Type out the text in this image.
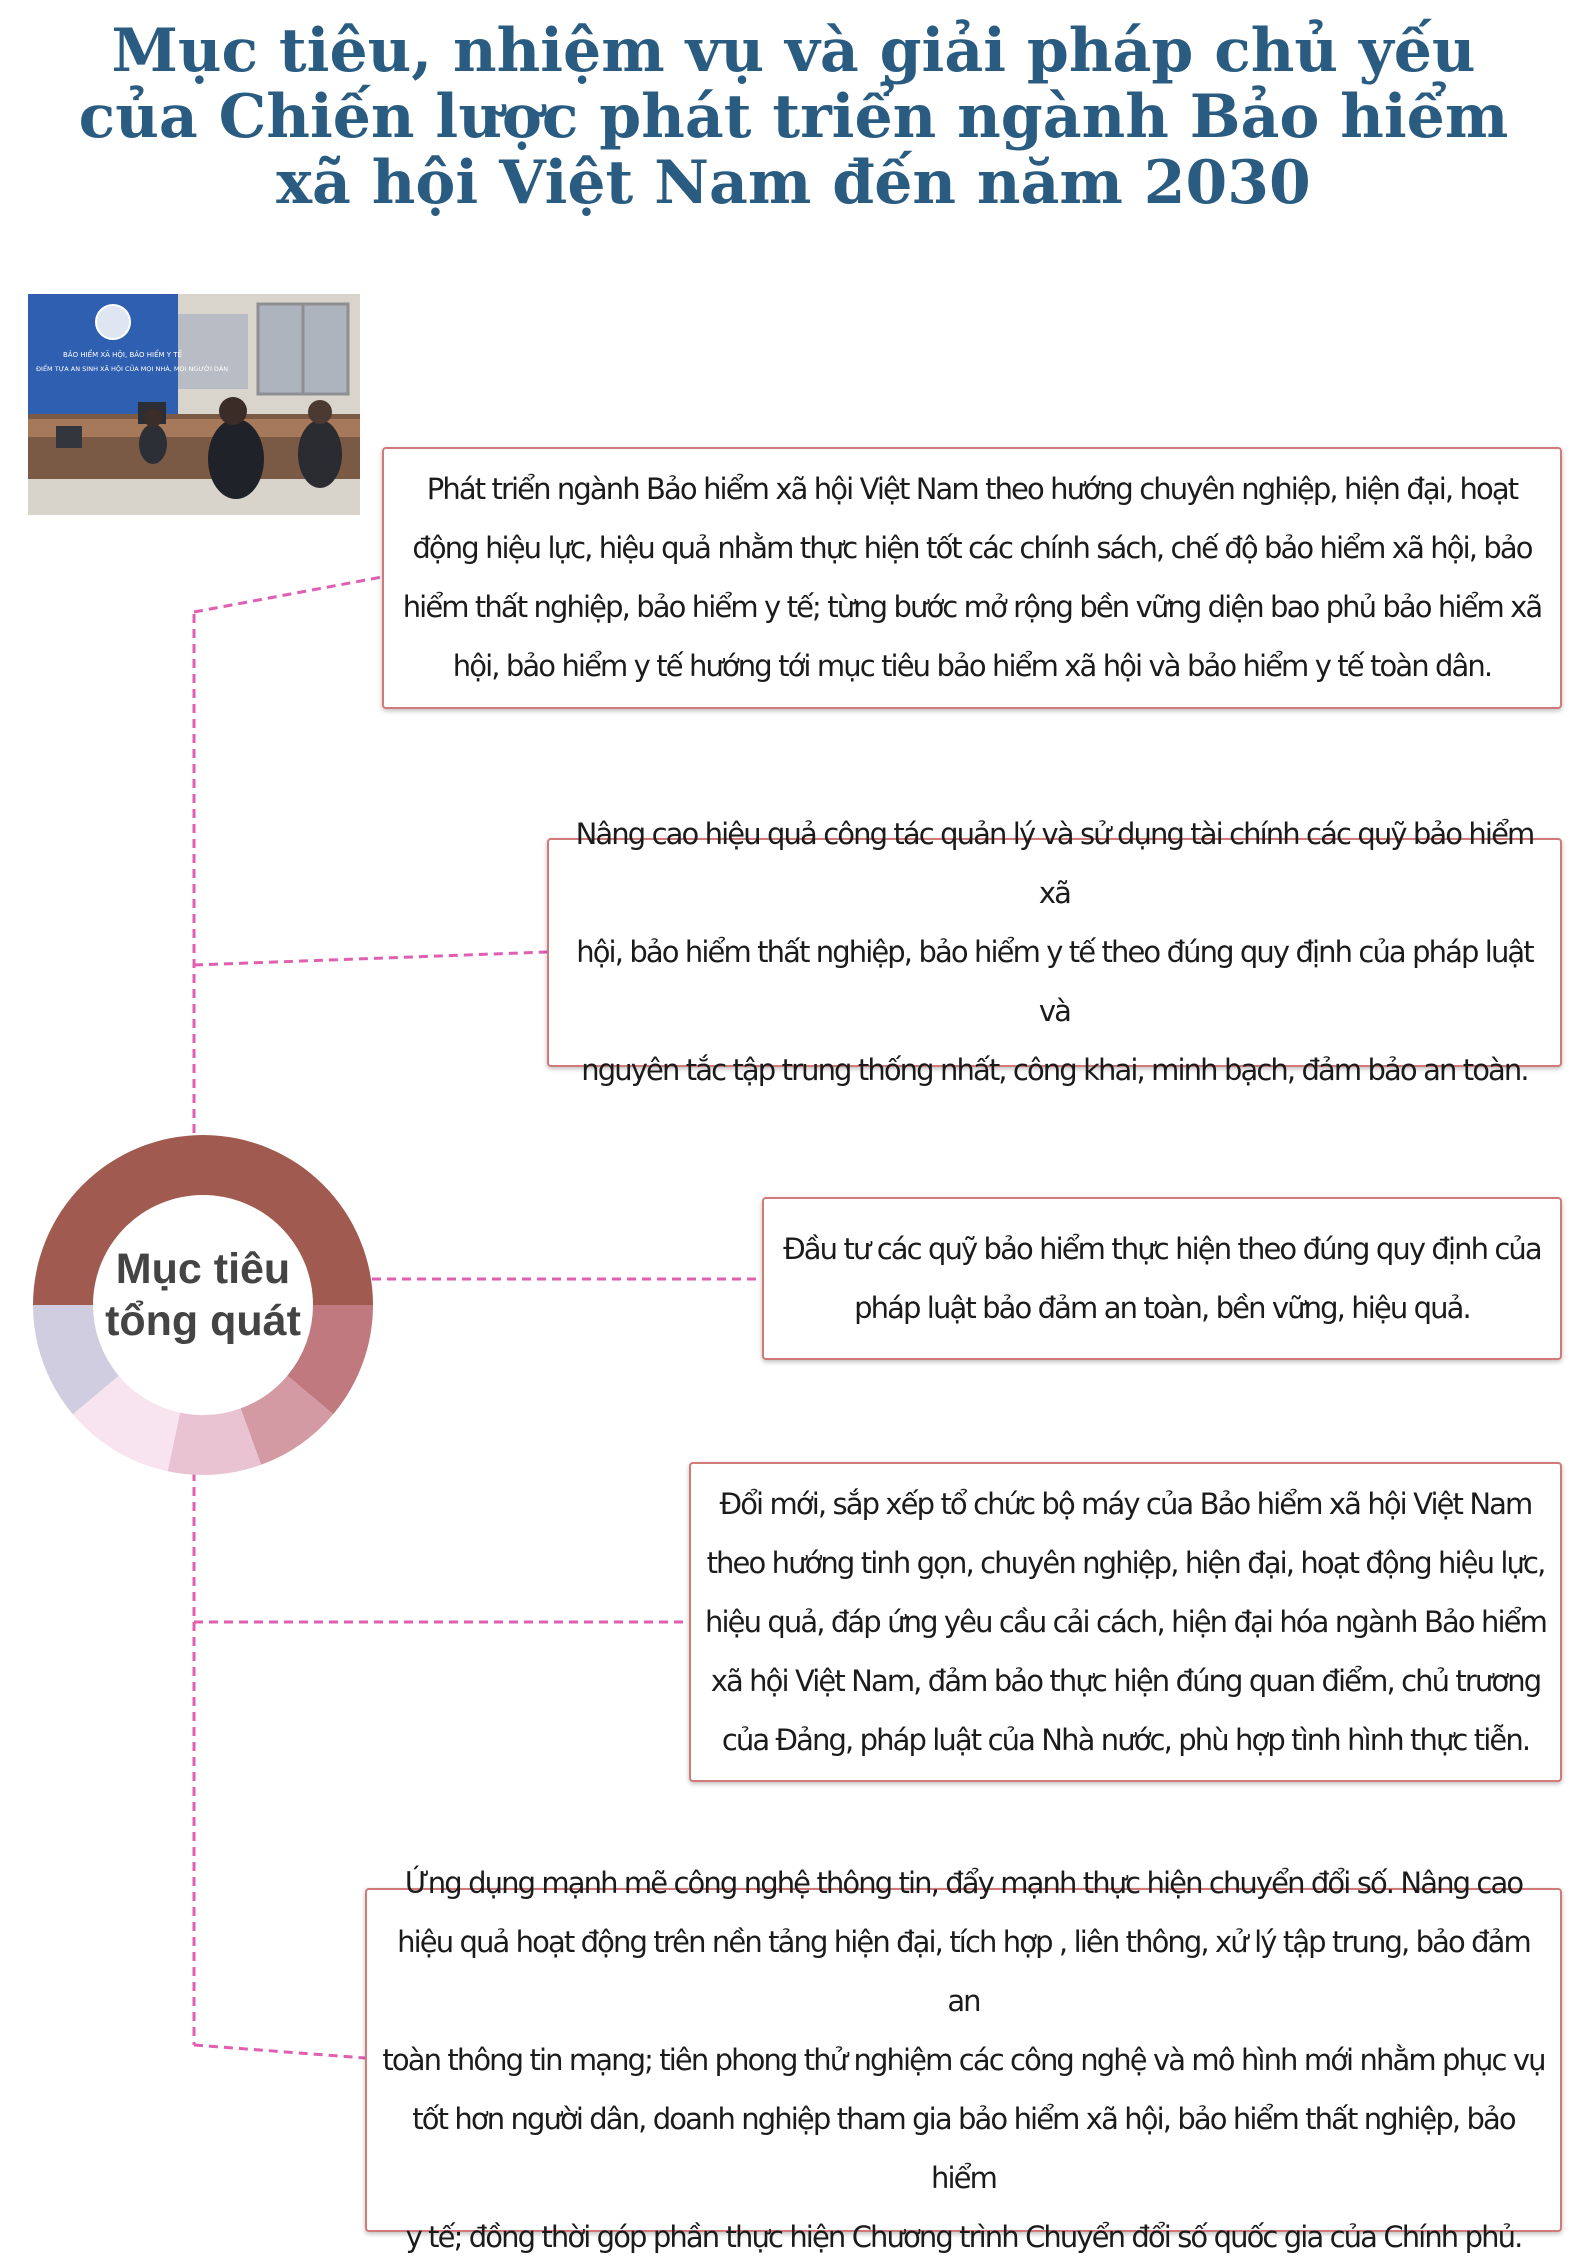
Mục tiêu, nhiệm vụ và giải pháp chủ yếu
của Chiến lược phát triển ngành Bảo hiểm
xã hội Việt Nam đến năm 2030
BẢO HIỂM XÃ HỘI, BẢO HIỂM Y TẾ
ĐIỂM TỰA AN SINH XÃ HỘI CỦA MỌI NHÀ, MỌI NGƯỜI DÂN
Mục tiêu
tổng quát
Phát triển ngành Bảo hiểm xã hội Việt Nam theo hướng chuyên nghiệp, hiện đại, hoạt
động hiệu lực, hiệu quả nhằm thực hiện tốt các chính sách, chế độ bảo hiểm xã hội, bảo
hiểm thất nghiệp, bảo hiểm y tế; từng bước mở rộng bền vững diện bao phủ bảo hiểm xã
hội, bảo hiểm y tế hướng tới mục tiêu bảo hiểm xã hội và bảo hiểm y tế toàn dân.
Nâng cao hiệu quả công tác quản lý và sử dụng tài chính các quỹ bảo hiểm xã
hội, bảo hiểm thất nghiệp, bảo hiểm y tế theo đúng quy định của pháp luật và
nguyên tắc tập trung thống nhất, công khai, minh bạch, đảm bảo an toàn.
Đầu tư các quỹ bảo hiểm thực hiện theo đúng quy định của
pháp luật bảo đảm an toàn, bền vững, hiệu quả.
Đổi mới, sắp xếp tổ chức bộ máy của Bảo hiểm xã hội Việt Nam
theo hướng tinh gọn, chuyên nghiệp, hiện đại, hoạt động hiệu lực,
hiệu quả, đáp ứng yêu cầu cải cách, hiện đại hóa ngành Bảo hiểm
xã hội Việt Nam, đảm bảo thực hiện đúng quan điểm, chủ trương
của Đảng, pháp luật của Nhà nước, phù hợp tình hình thực tiễn.
Ứng dụng mạnh mẽ công nghệ thông tin, đẩy mạnh thực hiện chuyển đổi số. Nâng cao
hiệu quả hoạt động trên nền tảng hiện đại, tích hợp , liên thông, xử lý tập trung, bảo đảm an
toàn thông tin mạng; tiên phong thử nghiệm các công nghệ và mô hình mới nhằm phục vụ
tốt hơn người dân, doanh nghiệp tham gia bảo hiểm xã hội, bảo hiểm thất nghiệp, bảo hiểm
y tế; đồng thời góp phần thực hiện Chương trình Chuyển đổi số quốc gia của Chính phủ.
